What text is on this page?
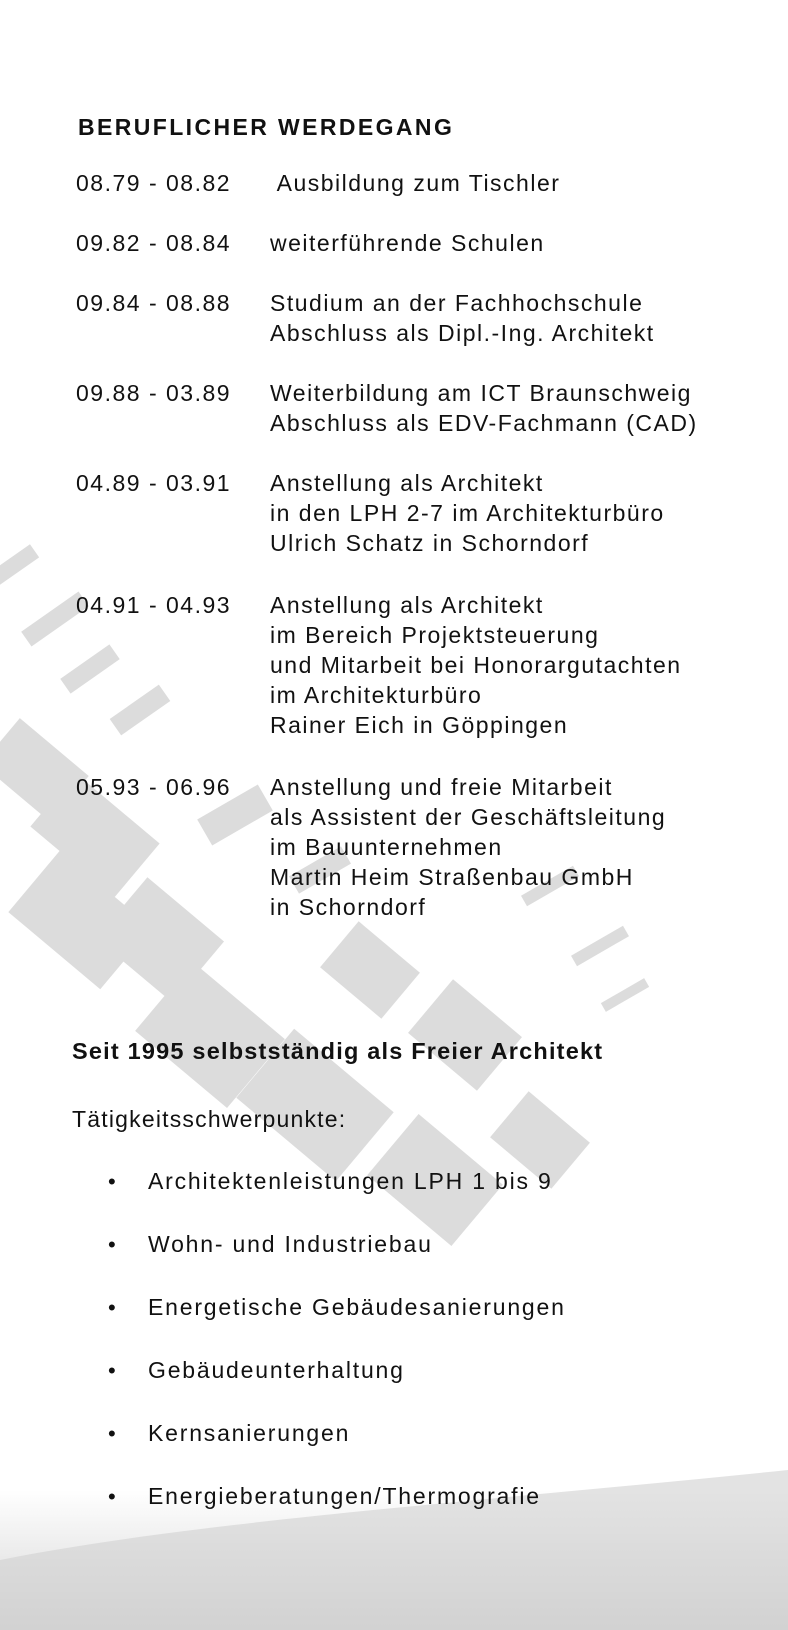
BERUFLICHER WERDEGANG
08.79 - 08.82 Ausbildung zum Tischler
09.82 - 08.84 weiterführende Schulen
09.84 - 08.88 Studium an der Fachhochschule
Abschluss als Dipl.-Ing. Architekt
09.88 - 03.89 Weiterbildung am ICT Braunschweig
Abschluss als EDV-Fachmann (CAD)
04.89 - 03.91 Anstellung als Architekt
in den LPH 2-7 im Architekturbüro
Ulrich Schatz in Schorndorf
04.91 - 04.93 Anstellung als Architekt
im Bereich Projektsteuerung
und Mitarbeit bei Honorargutachten
im Architekturbüro
Rainer Eich in Göppingen
05.93 - 06.96 Anstellung und freie Mitarbeit
als Assistent der Geschäftsleitung
im Bauunternehmen
Martin Heim Straßenbau GmbH
in Schorndorf
Seit 1995 selbstständig als Freier Architekt
Tätigkeitsschwerpunkte:
• Architektenleistungen LPH 1 bis 9
• Wohn- und Industriebau
• Energetische Gebäudesanierungen
• Gebäudeunterhaltung
• Kernsanierungen
• Energieberatungen/Thermografie
